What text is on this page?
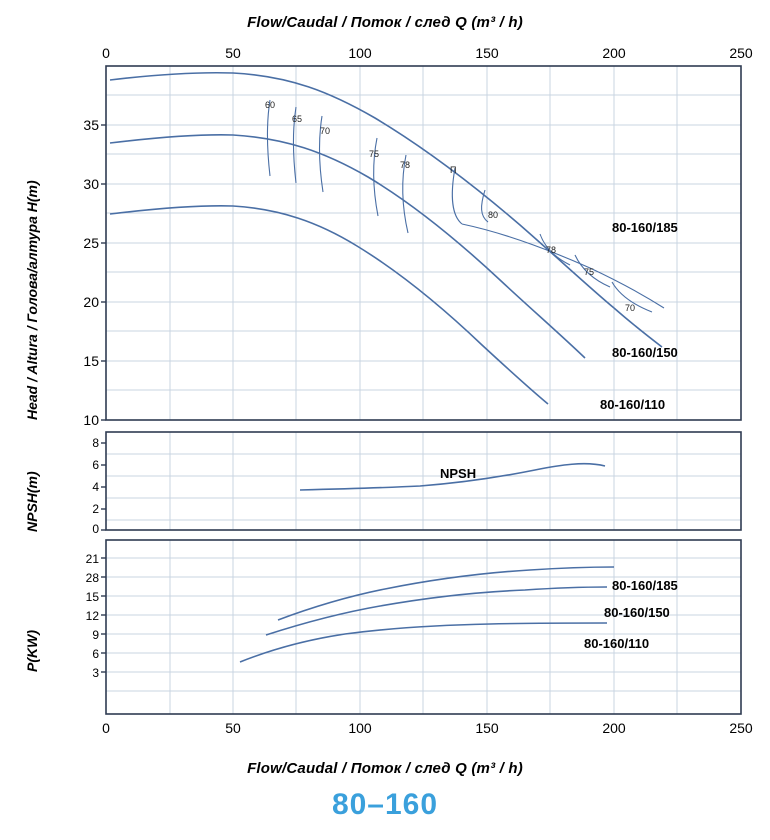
Flow/Caudal / Поток / след Q (m³ / h)
Head / Altura / Голова/алтура H(m)
NPSH(m)
P(KW)
0	50	100	150	200	250
35
30
25
20
15
10
60
65
70
75
78	П
80
78
75
70
80-160/185
80-160/150
80-160/110
8
6
4
2
0
NPSH
21
28
15
12
9
6
3
0	50	100	150	200	250
80-160/185
80-160/150
80-160/110
Flow/Caudal / Поток / след Q (m³ / h)
80–160
